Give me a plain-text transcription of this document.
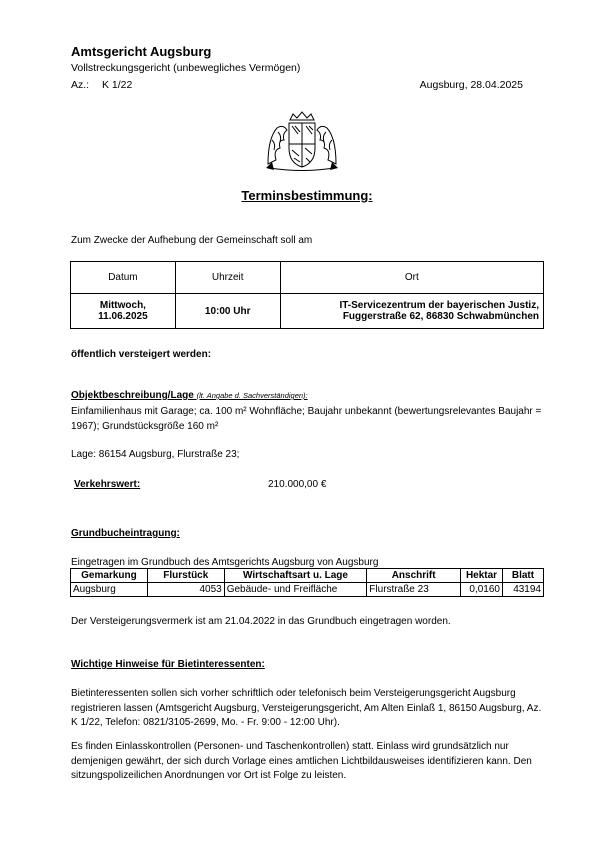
Amtsgericht Augsburg
Vollstreckungsgericht (unbewegliches Vermögen)
Az.: K 1/22	Augsburg, 28.04.2025
Terminsbestimmung:
Zum Zwecke der Aufhebung der Gemeinschaft soll am
Datum	Uhrzeit	Ort
Mittwoch,
11.06.2025	10:00 Uhr	IT-Servicezentrum der bayerischen Justiz,
Fuggerstraße 62, 86830 Schwabmünchen
öffentlich versteigert werden:
Objektbeschreibung/Lage (lt. Angabe d. Sachverständigen):
Einfamilienhaus mit Garage; ca. 100 m² Wohnfläche; Baujahr unbekannt (bewertungsrelevantes Baujahr = 1967); Grundstücksgröße 160 m²
Lage: 86154 Augsburg, Flurstraße 23;
Verkehrswert:	210.000,00 €
Grundbucheintragung:
Eingetragen im Grundbuch des Amtsgerichts Augsburg von Augsburg
Gemarkung	Flurstück	Wirtschaftsart u. Lage	Anschrift	Hektar	Blatt
Augsburg	4053	Gebäude- und Freifläche	Flurstraße 23	0,0160	43194
Der Versteigerungsvermerk ist am 21.04.2022 in das Grundbuch eingetragen worden.
Wichtige Hinweise für Bietinteressenten:
Bietinteressenten sollen sich vorher schriftlich oder telefonisch beim Versteigerungsgericht Augsburg registrieren lassen (Amtsgericht Augsburg, Versteigerungsgericht, Am Alten Einlaß 1, 86150 Augsburg, Az. K 1/22, Telefon: 0821/3105-2699, Mo. - Fr. 9:00 - 12:00 Uhr).
Es finden Einlasskontrollen (Personen- und Taschenkontrollen) statt. Einlass wird grundsätzlich nur demjenigen gewährt, der sich durch Vorlage eines amtlichen Lichtbildausweises identifizieren kann. Den sitzungspolizeilichen Anordnungen vor Ort ist Folge zu leisten.
